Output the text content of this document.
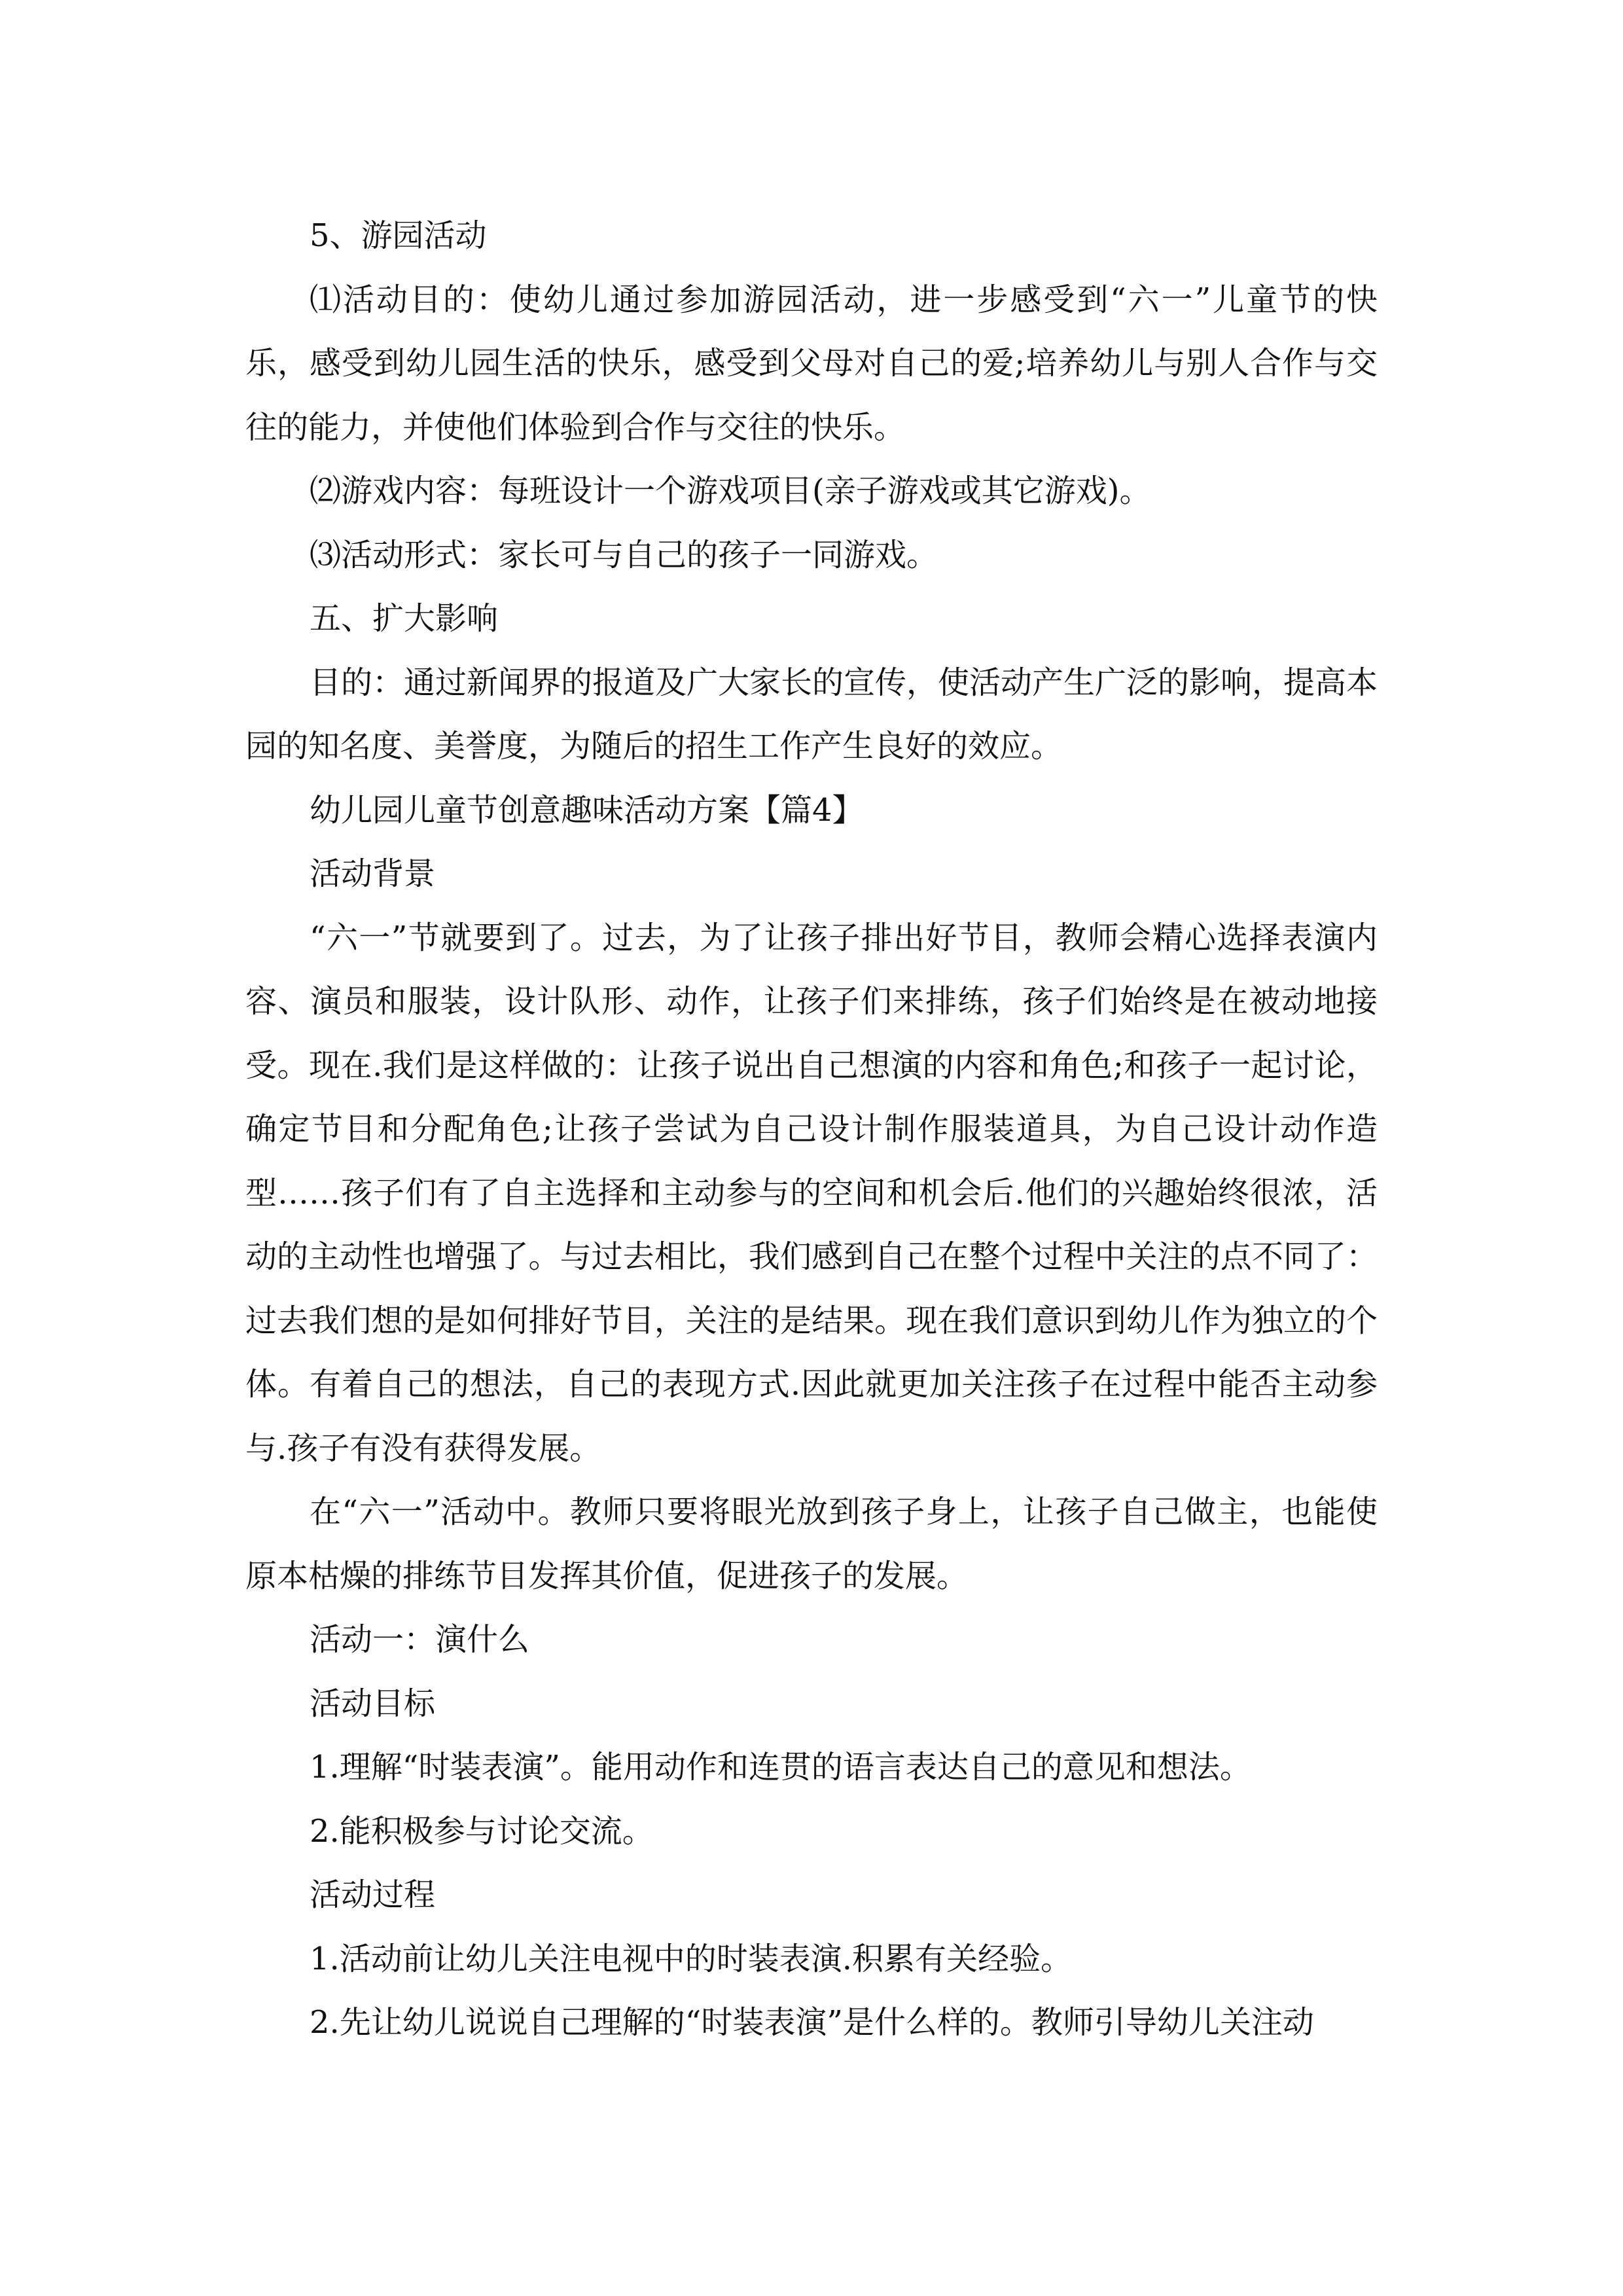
5、游园活动

⑴活动目的：使幼儿通过参加游园活动，进一步感受到“六一”儿童节的快乐，感受到幼儿园生活的快乐，感受到父母对自己的爱;培养幼儿与别人合作与交往的能力，并使他们体验到合作与交往的快乐。

⑵游戏内容：每班设计一个游戏项目(亲子游戏或其它游戏)。

⑶活动形式：家长可与自己的孩子一同游戏。

五、扩大影响

目的：通过新闻界的报道及广大家长的宣传，使活动产生广泛的影响，提高本园的知名度、美誉度，为随后的招生工作产生良好的效应。

幼儿园儿童节创意趣味活动方案【篇4】

活动背景

“六一”节就要到了。过去，为了让孩子排出好节目，教师会精心选择表演内容、演员和服装，设计队形、动作，让孩子们来排练，孩子们始终是在被动地接受。现在.我们是这样做的：让孩子说出自己想演的内容和角色;和孩子一起讨论，确定节目和分配角色;让孩子尝试为自己设计制作服装道具，为自己设计动作造型……孩子们有了自主选择和主动参与的空间和机会后.他们的兴趣始终很浓，活动的主动性也增强了。与过去相比，我们感到自己在整个过程中关注的点不同了：过去我们想的是如何排好节目，关注的是结果。现在我们意识到幼儿作为独立的个体。有着自己的想法，自己的表现方式.因此就更加关注孩子在过程中能否主动参与.孩子有没有获得发展。

在“六一”活动中。教师只要将眼光放到孩子身上，让孩子自己做主，也能使原本枯燥的排练节目发挥其价值，促进孩子的发展。

活动一：演什么

活动目标

1.理解“时装表演”。能用动作和连贯的语言表达自己的意见和想法。

2.能积极参与讨论交流。

活动过程

1.活动前让幼儿关注电视中的时装表演.积累有关经验。

2.先让幼儿说说自己理解的“时装表演”是什么样的。教师引导幼儿关注动
